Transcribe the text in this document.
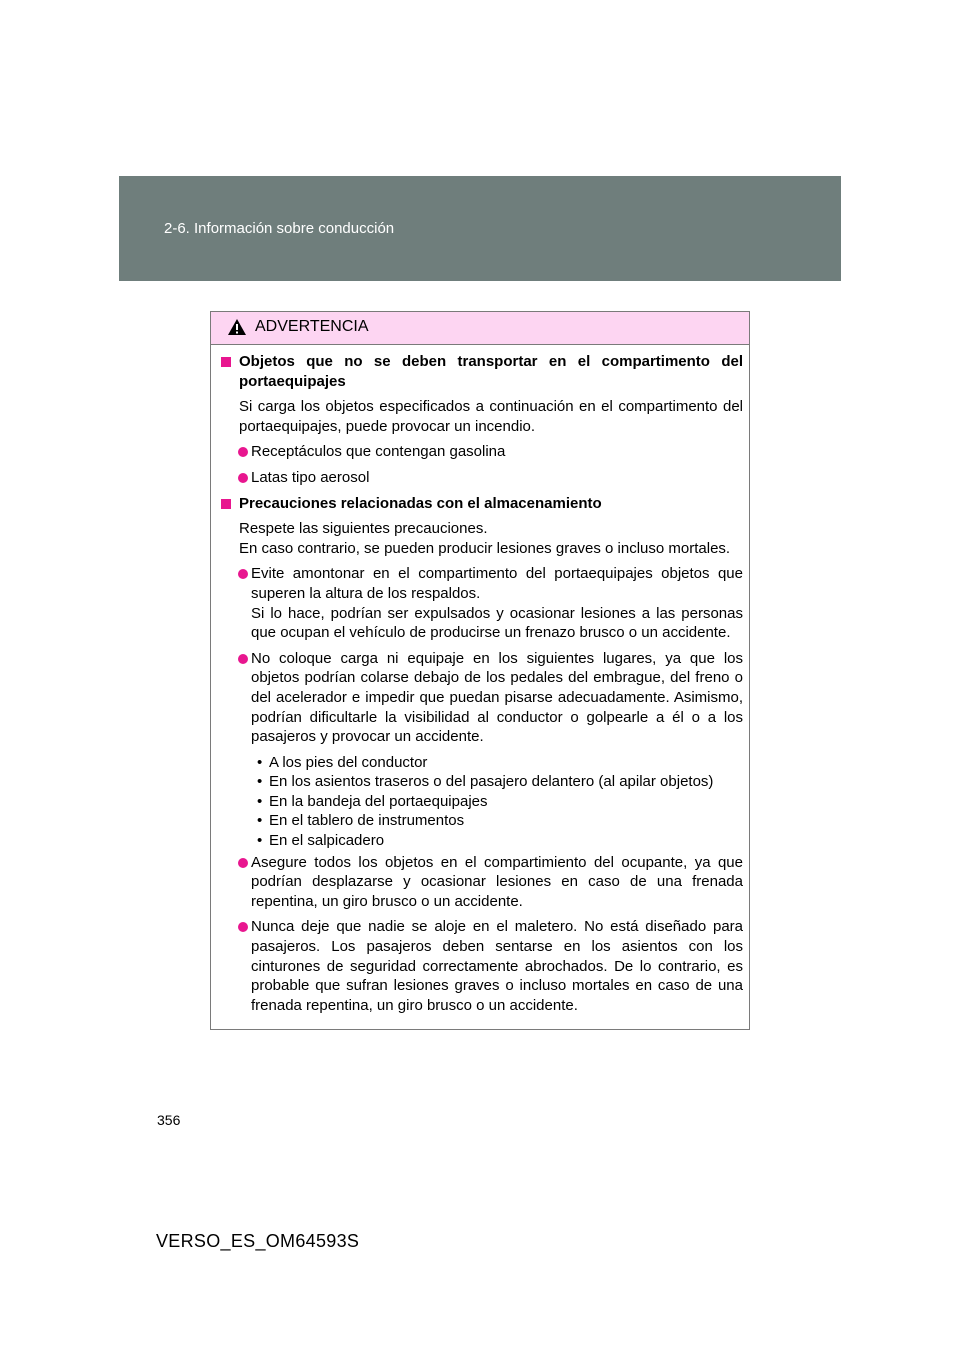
2-6. Información sobre conducción
ADVERTENCIA
Objetos que no se deben transportar en el compartimento del portaequipajes
Si carga los objetos especificados a continuación en el compartimento del portaequipajes, puede provocar un incendio.
Receptáculos que contengan gasolina
Latas tipo aerosol
Precauciones relacionadas con el almacenamiento
Respete las siguientes precauciones.
En caso contrario, se pueden producir lesiones graves o incluso mortales.
Evite amontonar en el compartimento del portaequipajes objetos que superen la altura de los respaldos.
Si lo hace, podrían ser expulsados y ocasionar lesiones a las personas que ocupan el vehículo de producirse un frenazo brusco o un accidente.
No coloque carga ni equipaje en los siguientes lugares, ya que los objetos podrían colarse debajo de los pedales del embrague, del freno o del acelerador e impedir que puedan pisarse adecuadamente. Asimismo, podrían dificultarle la visibilidad al conductor o golpearle a él o a los pasajeros y provocar un accidente.
• A los pies del conductor
• En los asientos traseros o del pasajero delantero (al apilar objetos)
• En la bandeja del portaequipajes
• En el tablero de instrumentos
• En el salpicadero
Asegure todos los objetos en el compartimiento del ocupante, ya que podrían desplazarse y ocasionar lesiones en caso de una frenada repentina, un giro brusco o un accidente.
Nunca deje que nadie se aloje en el maletero. No está diseñado para pasajeros. Los pasajeros deben sentarse en los asientos con los cinturones de seguridad correctamente abrochados. De lo contrario, es probable que sufran lesiones graves o incluso mortales en caso de una frenada repentina, un giro brusco o un accidente.
356
VERSO_ES_OM64593S
